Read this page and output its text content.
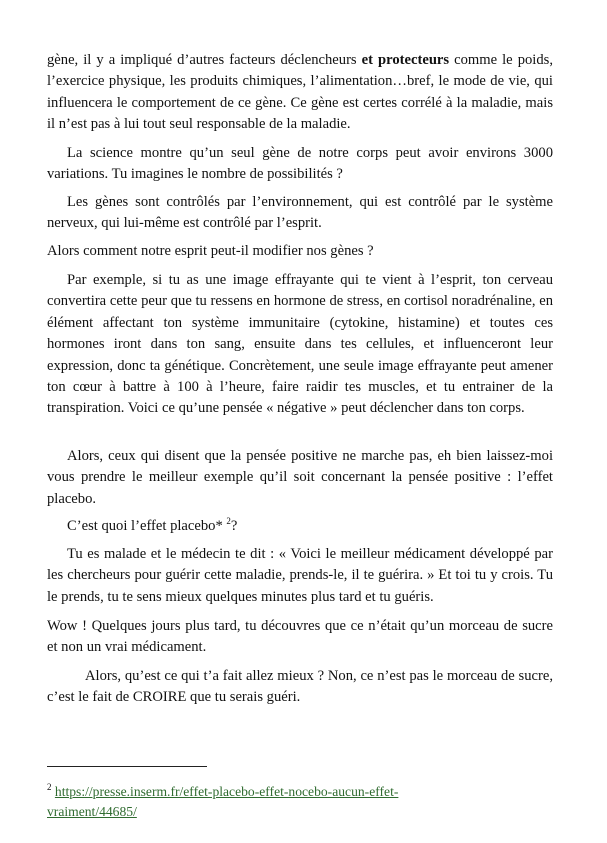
gène, il y a impliqué d’autres facteurs déclencheurs et protecteurs comme le poids, l’exercice physique, les produits chimiques, l’alimentation…bref, le mode de vie, qui influencera le comportement de ce gène. Ce gène est certes corrélé à la maladie, mais il n’est pas à lui tout seul responsable de la maladie.

La science montre qu’un seul gène de notre corps peut avoir environs 3000 variations. Tu imagines le nombre de possibilités ?

Les gènes sont contrôlés par l’environnement, qui est contrôlé par le système nerveux, qui lui-même est contrôlé par l’esprit.

Alors comment notre esprit peut-il modifier nos gènes ?

Par exemple, si tu as une image effrayante qui te vient à l’esprit, ton cerveau convertira cette peur que tu ressens en hormone de stress, en cortisol noradrénaline, en élément affectant ton système immunitaire (cytokine, histamine) et toutes ces hormones iront dans ton sang, ensuite dans tes cellules, et influenceront leur expression, donc ta génétique. Concrètement, une seule image effrayante peut amener ton cœur à battre à 100 à l’heure, faire raidir tes muscles, et tu entrainer de la transpiration. Voici ce qu’une pensée « négative » peut déclencher dans ton corps.

Alors, ceux qui disent que la pensée positive ne marche pas, eh bien laissez-moi vous prendre le meilleur exemple qu’il soit concernant la pensée positive : l’effet placebo.

C’est quoi l’effet placebo* $^2$?

Tu es malade et le médecin te dit : « Voici le meilleur médicament développé par les chercheurs pour guérir cette maladie, prends-le, il te guérira. » Et toi tu y crois. Tu le prends, tu te sens mieux quelques minutes plus tard et tu guéris.

Wow ! Quelques jours plus tard, tu découvres que ce n’était qu’un morceau de sucre et non un vrai médicament.

Alors, qu’est ce qui t’a fait allez mieux ? Non, ce n’est pas le morceau de sucre, c’est le fait de CROIRE que tu serais guéri.

$^2$ https://presse.inserm.fr/effet-placebo-effet-nocebo-aucun-effet-vraiment/44685/
